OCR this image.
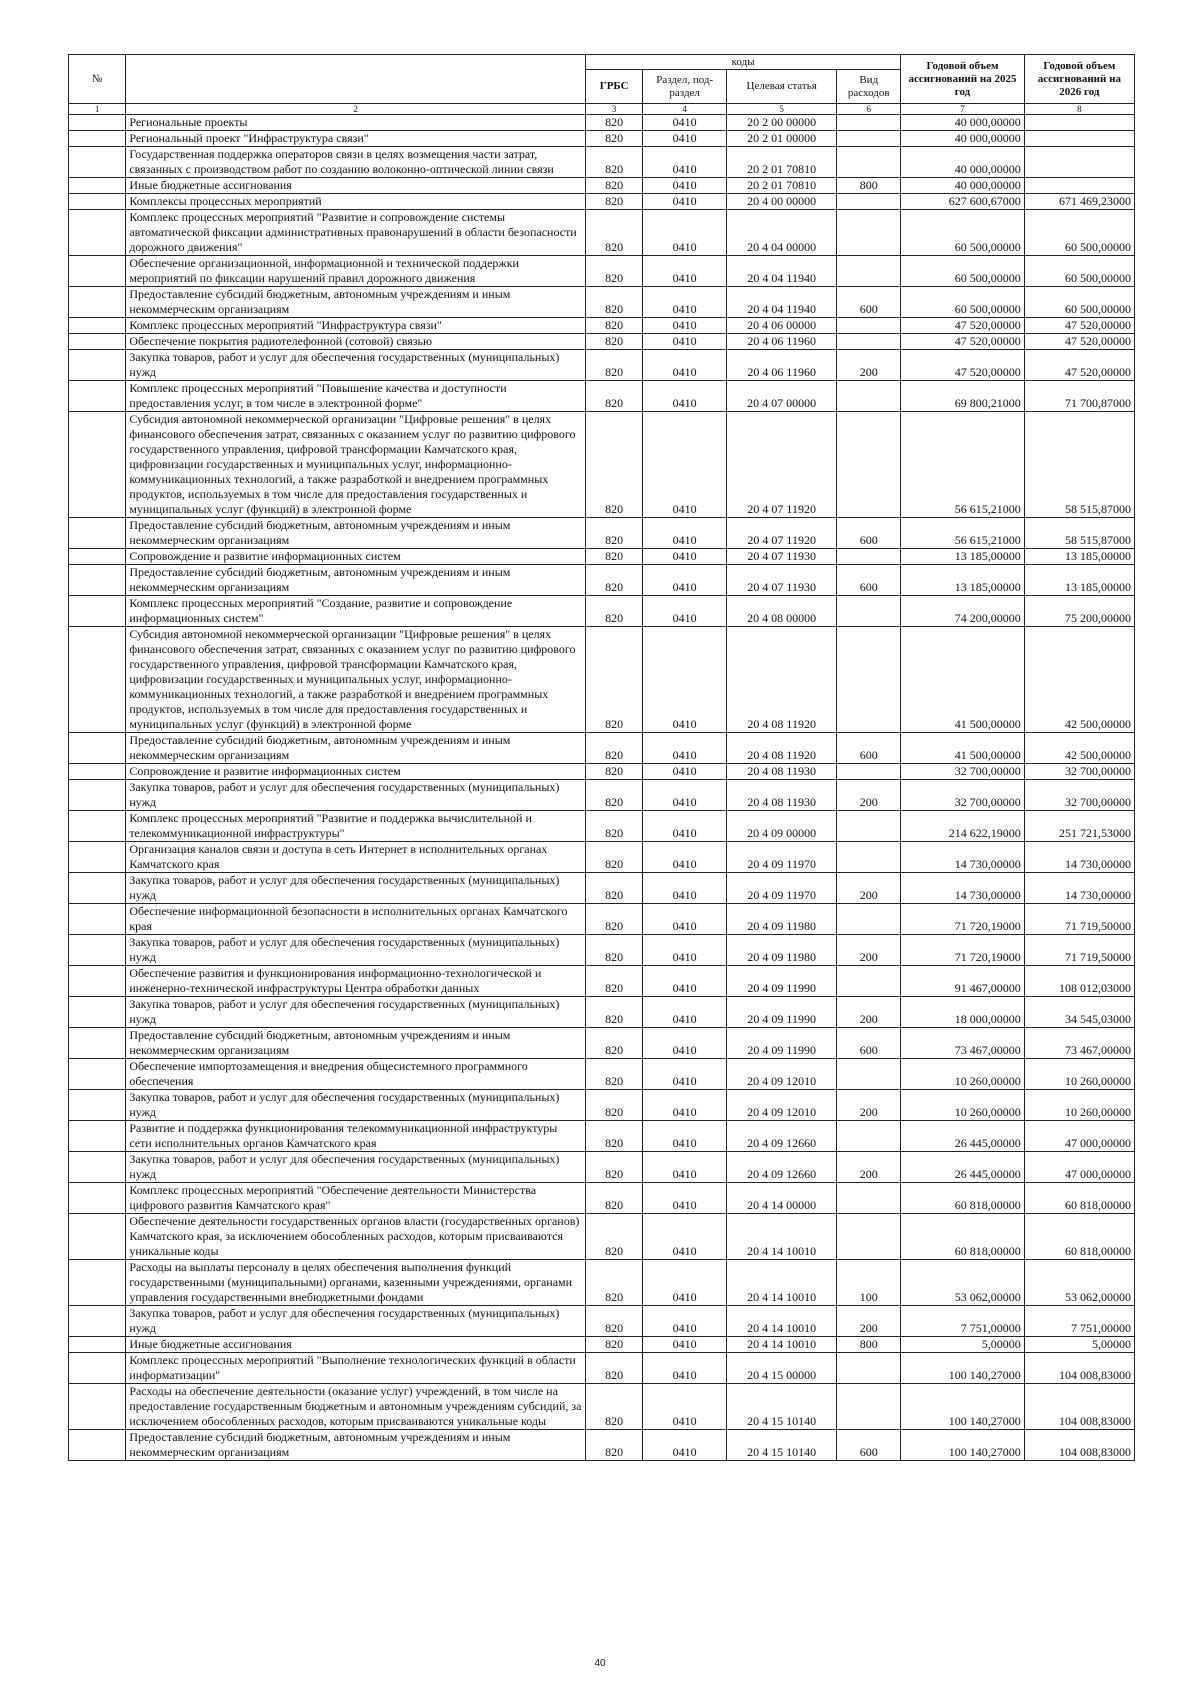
№		коды				Годовой объем ассигнований на 2025 год	Годовой объем ассигнований на 2026 год
		ГРБС	Раздел, под-раздел	Целевая статья	Вид расходов		
1	2	3	4	5	6	7	8
	Региональные проекты	820	0410	20 2 00 00000		40 000,00000	
	Региональный проект "Инфраструктура связи"	820	0410	20 2 01 00000		40 000,00000	
	Государственная поддержка операторов связи в целях возмещения части затрат, связанных с производством работ по созданию волоконно-оптической линии связи	820	0410	20 2 01 70810		40 000,00000	
	Иные бюджетные ассигнования	820	0410	20 2 01 70810	800	40 000,00000	
	Комплексы процессных мероприятий	820	0410	20 4 00 00000		627 600,67000	671 469,23000
	Комплекс процессных мероприятий "Развитие и сопровождение системы автоматической фиксации административных правонарушений в области безопасности дорожного движения"	820	0410	20 4 04 00000		60 500,00000	60 500,00000
	Обеспечение организационной, информационной и технической поддержки мероприятий по фиксации нарушений правил дорожного движения	820	0410	20 4 04 11940		60 500,00000	60 500,00000
	Предоставление субсидий бюджетным, автономным учреждениям и иным некоммерческим организациям	820	0410	20 4 04 11940	600	60 500,00000	60 500,00000
	Комплекс процессных мероприятий "Инфраструктура связи"	820	0410	20 4 06 00000		47 520,00000	47 520,00000
	Обеспечение покрытия радиотелефонной (сотовой) связью	820	0410	20 4 06 11960		47 520,00000	47 520,00000
	Закупка товаров, работ и услуг для обеспечения государственных (муниципальных) нужд	820	0410	20 4 06 11960	200	47 520,00000	47 520,00000
	Комплекс процессных мероприятий "Повышение качества и доступности предоставления услуг, в том числе в электронной форме"	820	0410	20 4 07 00000		69 800,21000	71 700,87000
	Субсидия автономной некоммерческой организации "Цифровые решения" в целях финансового обеспечения затрат, связанных с оказанием услуг по развитию цифрового государственного управления, цифровой трансформации Камчатского края, цифровизации государственных и муниципальных услуг, информационно-коммуникационных технологий, а также разработкой и внедрением программных продуктов, используемых в том числе для предоставления государственных и муниципальных услуг (функций) в электронной форме	820	0410	20 4 07 11920		56 615,21000	58 515,87000
	Предоставление субсидий бюджетным, автономным учреждениям и иным некоммерческим организациям	820	0410	20 4 07 11920	600	56 615,21000	58 515,87000
	Сопровождение и развитие информационных систем	820	0410	20 4 07 11930		13 185,00000	13 185,00000
	Предоставление субсидий бюджетным, автономным учреждениям и иным некоммерческим организациям	820	0410	20 4 07 11930	600	13 185,00000	13 185,00000
	Комплекс процессных мероприятий "Создание, развитие и сопровождение информационных систем"	820	0410	20 4 08 00000		74 200,00000	75 200,00000
	Субсидия автономной некоммерческой организации "Цифровые решения" в целях финансового обеспечения затрат, связанных с оказанием услуг по развитию цифрового государственного управления, цифровой трансформации Камчатского края, цифровизации государственных и муниципальных услуг, информационно-коммуникационных технологий, а также разработкой и внедрением программных продуктов, используемых в том числе для предоставления государственных и муниципальных услуг (функций) в электронной форме	820	0410	20 4 08 11920		41 500,00000	42 500,00000
	Предоставление субсидий бюджетным, автономным учреждениям и иным некоммерческим организациям	820	0410	20 4 08 11920	600	41 500,00000	42 500,00000
	Сопровождение и развитие информационных систем	820	0410	20 4 08 11930		32 700,00000	32 700,00000
	Закупка товаров, работ и услуг для обеспечения государственных (муниципальных) нужд	820	0410	20 4 08 11930	200	32 700,00000	32 700,00000
	Комплекс процессных мероприятий "Развитие и поддержка вычислительной и телекоммуникационной инфраструктуры"	820	0410	20 4 09 00000		214 622,19000	251 721,53000
	Организация каналов связи и доступа в сеть Интернет в исполнительных органах Камчатского края	820	0410	20 4 09 11970		14 730,00000	14 730,00000
	Закупка товаров, работ и услуг для обеспечения государственных (муниципальных) нужд	820	0410	20 4 09 11970	200	14 730,00000	14 730,00000
	Обеспечение информационной безопасности в исполнительных органах Камчатского края	820	0410	20 4 09 11980		71 720,19000	71 719,50000
	Закупка товаров, работ и услуг для обеспечения государственных (муниципальных) нужд	820	0410	20 4 09 11980	200	71 720,19000	71 719,50000
	Обеспечение развития и функционирования информационно-технологической и инженерно-технической инфраструктуры Центра обработки данных	820	0410	20 4 09 11990		91 467,00000	108 012,03000
	Закупка товаров, работ и услуг для обеспечения государственных (муниципальных) нужд	820	0410	20 4 09 11990	200	18 000,00000	34 545,03000
	Предоставление субсидий бюджетным, автономным учреждениям и иным некоммерческим организациям	820	0410	20 4 09 11990	600	73 467,00000	73 467,00000
	Обеспечение импортозамещения и внедрения общесистемного программного обеспечения	820	0410	20 4 09 12010		10 260,00000	10 260,00000
	Закупка товаров, работ и услуг для обеспечения государственных (муниципальных) нужд	820	0410	20 4 09 12010	200	10 260,00000	10 260,00000
	Развитие и поддержка функционирования телекоммуникационной инфраструктуры сети исполнительных органов Камчатского края	820	0410	20 4 09 12660		26 445,00000	47 000,00000
	Закупка товаров, работ и услуг для обеспечения государственных (муниципальных) нужд	820	0410	20 4 09 12660	200	26 445,00000	47 000,00000
	Комплекс процессных мероприятий "Обеспечение деятельности Министерства цифрового развития Камчатского края"	820	0410	20 4 14 00000		60 818,00000	60 818,00000
	Обеспечение деятельности государственных органов власти (государственных органов) Камчатского края, за исключением обособленных расходов, которым присваиваются уникальные коды	820	0410	20 4 14 10010		60 818,00000	60 818,00000
	Расходы на выплаты персоналу в целях обеспечения выполнения функций государственными (муниципальными) органами, казенными учреждениями, органами управления государственными внебюджетными фондами	820	0410	20 4 14 10010	100	53 062,00000	53 062,00000
	Закупка товаров, работ и услуг для обеспечения государственных (муниципальных) нужд	820	0410	20 4 14 10010	200	7 751,00000	7 751,00000
	Иные бюджетные ассигнования	820	0410	20 4 14 10010	800	5,00000	5,00000
	Комплекс процессных мероприятий "Выполнение технологических функций в области информатизации"	820	0410	20 4 15 00000		100 140,27000	104 008,83000
	Расходы на обеспечение деятельности (оказание услуг) учреждений, в том числе на предоставление государственным бюджетным и автономным учреждениям субсидий, за исключением обособленных расходов, которым присваиваются уникальные коды	820	0410	20 4 15 10140		100 140,27000	104 008,83000
	Предоставление субсидий бюджетным, автономным учреждениям и иным некоммерческим организациям	820	0410	20 4 15 10140	600	100 140,27000	104 008,83000
40
